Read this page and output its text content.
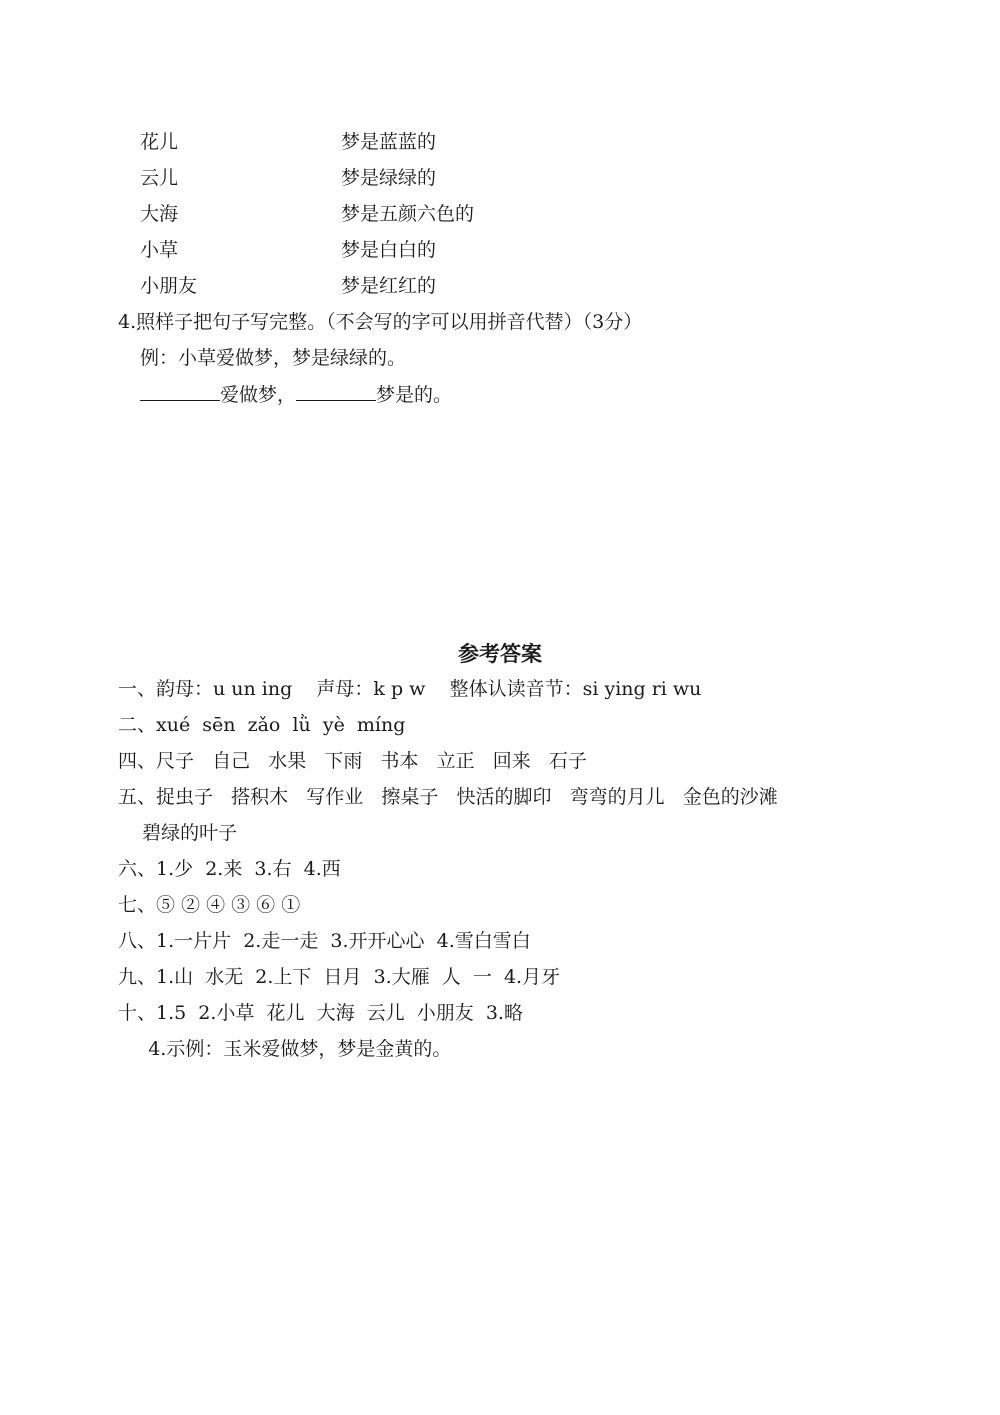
花儿	梦是蓝蓝的
云儿	梦是绿绿的
大海	梦是五颜六色的
小草	梦是白白的
小朋友	梦是红红的
4.照样子把句子写完整。（不会写的字可以用拼音代替）（3分）
例：小草爱做梦，梦是绿绿的。
爱做梦，	梦是的。
参考答案
一、韵母：u un ing    声母：k p w    整体认读音节：si ying ri wu
二、xué  sēn  zǎo  lǜ  yè  míng
四、尺子   自己   水果   下雨   书本   立正   回来   石子
五、捉虫子   搭积木   写作业   擦桌子   快活的脚印   弯弯的月儿   金色的沙滩
碧绿的叶子
六、1.少  2.来  3.右  4.西
七、⑤ ② ④ ③ ⑥ ①
八、1.一片片  2.走一走  3.开开心心  4.雪白雪白
九、1.山  水无  2.上下  日月  3.大雁  人  一  4.月牙
十、1.5  2.小草  花儿  大海  云儿  小朋友  3.略
4.示例：玉米爱做梦，梦是金黄的。
